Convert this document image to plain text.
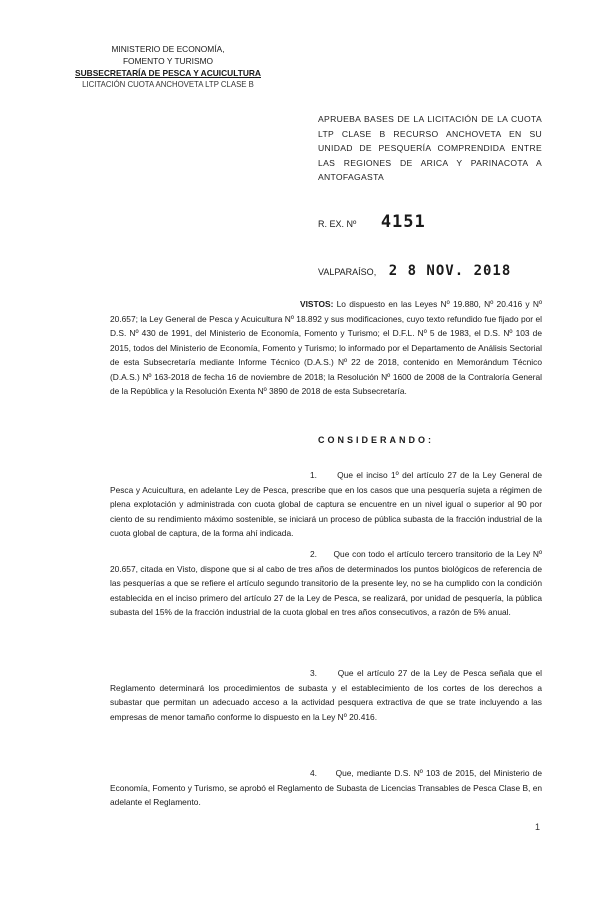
MINISTERIO DE ECONOMÍA,
FOMENTO Y TURISMO
SUBSECRETARÍA DE PESCA Y ACUICULTURA
LICITACIÓN CUOTA ANCHOVETA LTP CLASE B
APRUEBA BASES DE LA LICITACIÓN DE LA CUOTA LTP CLASE B RECURSO ANCHOVETA EN SU UNIDAD DE PESQUERÍA COMPRENDIDA ENTRE LAS REGIONES DE ARICA Y PARINACOTA A ANTOFAGASTA
R. EX. Nº 4151
VALPARAÍSO, 2 8 NOV. 2018
VISTOS: Lo dispuesto en las Leyes Nº 19.880, Nº 20.416 y Nº 20.657; la Ley General de Pesca y Acuicultura Nº 18.892 y sus modificaciones, cuyo texto refundido fue fijado por el D.S. Nº 430 de 1991, del Ministerio de Economía, Fomento y Turismo; el D.F.L. Nº 5 de 1983, el D.S. Nº 103 de 2015, todos del Ministerio de Economía, Fomento y Turismo; lo informado por el Departamento de Análisis Sectorial de esta Subsecretaría mediante Informe Técnico (D.A.S.) Nº 22 de 2018, contenido en Memorándum Técnico (D.A.S.) Nº 163-2018 de fecha 16 de noviembre de 2018; la Resolución Nº 1600 de 2008 de la Contraloría General de la República y la Resolución Exenta Nº 3890 de 2018 de esta Subsecretaría.
CONSIDERANDO:
1. Que el inciso 1º del artículo 27 de la Ley General de Pesca y Acuicultura, en adelante Ley de Pesca, prescribe que en los casos que una pesquería sujeta a régimen de plena explotación y administrada con cuota global de captura se encuentre en un nivel igual o superior al 90 por ciento de su rendimiento máximo sostenible, se iniciará un proceso de pública subasta de la fracción industrial de la cuota global de captura, de la forma ahí indicada.
2. Que con todo el artículo tercero transitorio de la Ley Nº 20.657, citada en Visto, dispone que si al cabo de tres años de determinados los puntos biológicos de referencia de las pesquerías a que se refiere el artículo segundo transitorio de la presente ley, no se ha cumplido con la condición establecida en el inciso primero del artículo 27 de la Ley de Pesca, se realizará, por unidad de pesquería, la pública subasta del 15% de la fracción industrial de la cuota global en tres años consecutivos, a razón de 5% anual.
3. Que el artículo 27 de la Ley de Pesca señala que el Reglamento determinará los procedimientos de subasta y el establecimiento de los cortes de los derechos a subastar que permitan un adecuado acceso a la actividad pesquera extractiva de que se trate incluyendo a las empresas de menor tamaño conforme lo dispuesto en la Ley Nº 20.416.
4. Que, mediante D.S. Nº 103 de 2015, del Ministerio de Economía, Fomento y Turismo, se aprobó el Reglamento de Subasta de Licencias Transables de Pesca Clase B, en adelante el Reglamento.
1
